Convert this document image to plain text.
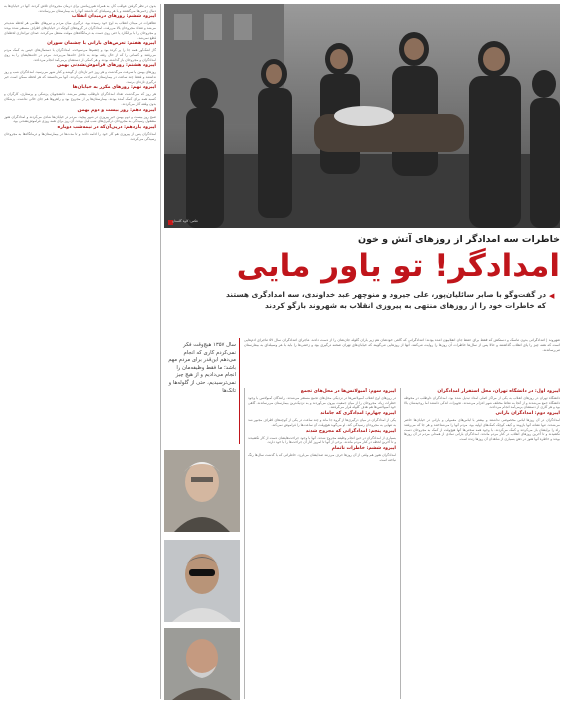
بدون در نظر گرفتن عواقب کار، به همراه هم‌رزمانش برای درمان مجروحان تلاش کردند. آنها در خیابان‌ها به دنبال زخمی‌ها می‌گشتند و با هر وسیله‌ای که داشتند آنها را به بیمارستان می‌رساندند.

اپیزود ششم: روزهای درمیدان انقلاب

تظاهرات در میدان انقلاب به اوج خود رسیده بود. درگیری میان مردم و نیروهای نظامی هر لحظه شدیدتر می‌شد و تعداد مجروحان بالا می‌رفت. امدادگران در گروه‌های کوچک در خیابان‌های اطراف مستقر شده بودند و مجروحان را با برانکارد یا حتی روی دست به درمانگاه‌های موقت منتقل می‌کردند. صدای تیراندازی لحظه‌ای قطع نمی‌شد.

اپیزود هفتم: تعرض‌های بارانی با چشمان سوزان

گاز اشک‌آور همه جا را پر کرده بود و چشم‌ها می‌سوخت. امدادگران با دستمال‌های خیس به کمک مردم می‌رفتند و کسانی را که از حال رفته بودند به داخل خانه‌ها می‌بردند. مردم در خانه‌هایشان را به روی امدادگران و مجروحان باز گذاشته بودند و هر کمکی از دستشان برمی‌آمد انجام می‌دادند.

اپیزود هشتم: روزهای فراموش‌نشدنی بهمن

روزهای بهمن با سرعت می‌گذشت و هر روز خبر تازه‌ای از گوشه و کنار شهر می‌رسید. امدادگران شب و روز نداشتند و فقط چند ساعت در بیمارستان استراحت می‌کردند. آنها می‌دانستند که هر لحظه ممکن است خبر درگیری تازه‌ای برسد.

اپیزود نهم: روز‌های مکرر به خیابان‌ها

هر روز که می‌گذشت تعداد امدادگران داوطلب بیشتر می‌شد. دانشجویان پزشکی و پرستاری، کارگران و کسبه همه برای کمک آمده بودند. بیمارستان‌ها پر از مجروح بود و راهروها هم جای خالی نداشت. پزشکان بدون وقفه کار می‌کردند.

اپیزود دهم: روز بیست و دوم بهمن

صبح روز بیست و دوم بهمن خبر پیروزی در شهر پیچید. مردم در خیابان‌ها شادی می‌کردند و امدادگران هنوز مشغول رسیدگی به مجروحان درگیری‌های شب قبل بودند. آن روز برای همه روزی فراموش‌نشدنی بود.

اپیزود یازدهم: درپی‌آن‌که در نیمه‌شب دوباره

امدادگران پس از پیروزی هم کار خود را ادامه دادند و تا مدت‌ها در بیمارستان‌ها و درمانگاه‌ها به مجروحان رسیدگی می‌کردند.

عکس: کاوه گلستان
خاطرات سه امدادگر از روزهای آتش و خون
امدادگر! تو یاور مایی
◀
در گفت‌وگو با صابر سائلیان‌پور، علی جیرود و منوچهر عبد خداوندی، سه امدادگری هستند که خاطرات خود را از روزهای منتهی به پیروزی انقلاب به شهروند بازگو کردند
شهروند | امدادگرانی بدون ماسک و دستکش که فقط برای حفظ جان انقلابیون آمده بودند؛ امدادگرانی که گاهی خودشان هم زیر باران گلوله جان‌شان را از دست دادند. ماجرای امدادگران سال ۵۷ ماجرای آدم‌هایی است که همه چیز را پای انقلاب گذاشتند و حالا پس از سال‌ها خاطرات آن روزها را روایت می‌کنند. آنها از روزهایی می‌گویند که خیابان‌های تهران صحنه درگیری بود و زخمی‌ها را باید با هر وسیله‌ای به بیمارستان می‌رساندند.
سال ۱۳۵۷ هیچ‌وقت فکر نمی‌کردم کاری که انجام می‌دهم این‌قدر برای مردم مهم باشد؛ ما فقط وظیفه‌مان را انجام می‌دادیم و از هیچ چیز نمی‌ترسیدیم، حتی از گلوله‌ها و تانک‌ها	اپیزود سوم: آمبولانس‌ها در محل‌های تجمع

در روزهای اوج انقلاب آمبولانس‌ها در نزدیکی محل‌های تجمع مستقر می‌شدند. رانندگان آمبولانس با وجود خطرات زیاد، مجروحان را از میان جمعیت بیرون می‌آوردند و به نزدیک‌ترین بیمارستان می‌رساندند. گاهی خود آمبولانس‌ها هم هدف گلوله قرار می‌گرفتند.

اپیزود چهارم: امدادگری که جاماند

یکی از امدادگران در میان درگیری‌ها از گروه جا ماند و چند ساعت در یکی از کوچه‌های اطراف مجبور شد به تنهایی به مجروحان رسیدگی کند. او می‌گوید هیچ‌وقت آن ساعت‌ها را فراموش نمی‌کند.

اپیزود پنجم: امدادگرانی که مجروح شدند

بسیاری از امدادگران در حین انجام وظیفه مجروح شدند. آنها با وجود جراحت‌هایشان دست از کار نکشیدند و تا آخرین لحظه در کنار مردم ماندند. برخی از آنها تا امروز آثار آن جراحت‌ها را با خود دارند.

اپیزود ششم: خاطرات ناتمام

امدادگران هنوز هم وقتی از آن روزها حرف می‌زنند صدایشان می‌لرزد. خاطراتی که با گذشت سال‌ها رنگ نباخته است.

اپیزود اول: در دانشگاه تهران، محل استقرار امدادگران

دانشگاه تهران در روزهای انقلاب به یکی از مراکز اصلی امداد تبدیل شده بود. امدادگران داوطلب در محوطه دانشگاه جمع می‌شدند و از آنجا به نقاط مختلف شهر اعزام می‌شدند. تجهیزات اندکی داشتند اما روحیه‌شان بالا بود و هر کاری از دستشان برمی‌آمد انجام می‌دادند.

اپیزود دوم: امدادگران بارانی

امدادگران در آن روزها لباس مخصوصی نداشتند و بیشتر با لباس‌های معمولی و بارانی در خیابان‌ها حاضر می‌شدند. تنها نشانه آنها بازوبند و کیف کوچک کمک‌های اولیه بود. مردم آنها را می‌شناختند و هر جا که می‌رفتند راه را برایشان باز می‌کردند و کمک می‌کردند. با وجود همه سختی‌ها آنها هیچ‌وقت از کمک به مجروحان دست نکشیدند و تا آخرین روزهای انقلاب در کنار مردم ماندند. امدادگران بارانی نمادی از همدلی مردم در آن روزها بودند و خاطره آنها هنوز در ذهن بسیاری از شاهدان آن روزها زنده است.
